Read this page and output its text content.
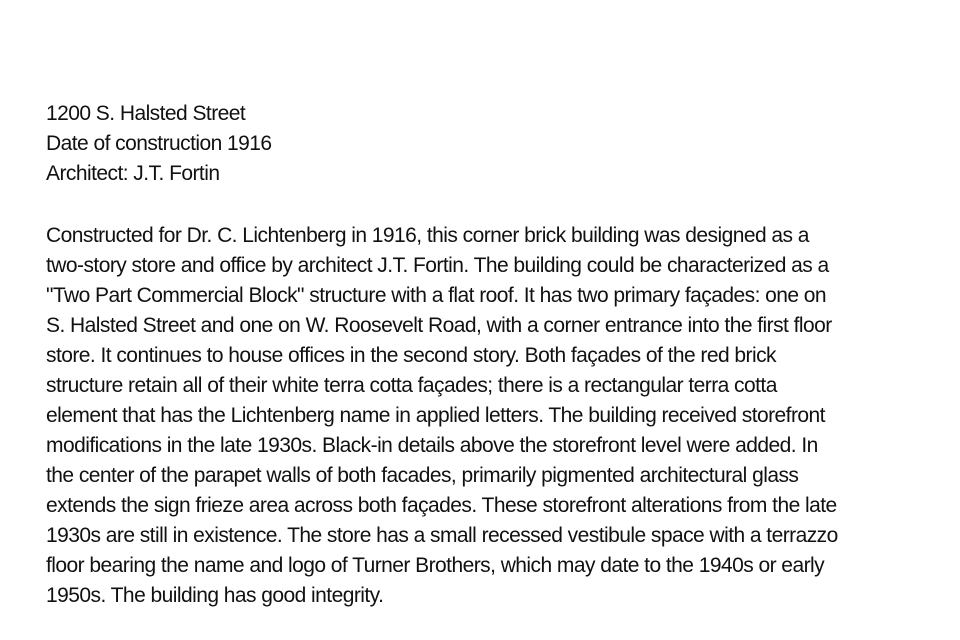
1200 S. Halsted Street
Date of construction 1916
Architect: J.T. Fortin
Constructed for Dr. C. Lichtenberg in 1916, this corner brick building was designed as a
two-story store and office by architect J.T. Fortin. The building could be characterized as a
"Two Part Commercial Block" structure with a flat roof. It has two primary façades: one on
S. Halsted Street and one on W. Roosevelt Road, with a corner entrance into the first floor
store. It continues to house offices in the second story. Both façades of the red brick
structure retain all of their white terra cotta façades; there is a rectangular terra cotta
element that has the Lichtenberg name in applied letters. The building received storefront
modifications in the late 1930s. Black-in details above the storefront level were added. In
the center of the parapet walls of both facades, primarily pigmented architectural glass
extends the sign frieze area across both façades. These storefront alterations from the late
1930s are still in existence. The store has a small recessed vestibule space with a terrazzo
floor bearing the name and logo of Turner Brothers, which may date to the 1940s or early
1950s. The building has good integrity.
